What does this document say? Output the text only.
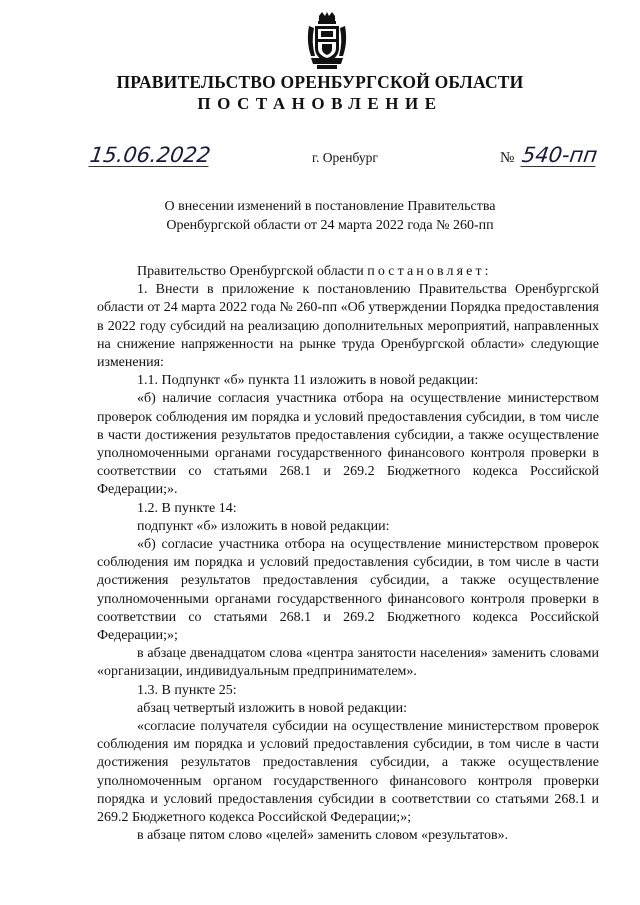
ПРАВИТЕЛЬСТВО ОРЕНБУРГСКОЙ ОБЛАСТИ
ПОСТАНОВЛЕНИЕ
15.06.2022	г. Оренбург	№ 540-пп
О внесении изменений в постановление Правительства Оренбургской области от 24 марта 2022 года № 260-пп

Правительство Оренбургской области постановляет:

1. Внести в приложение к постановлению Правительства Оренбургской области от 24 марта 2022 года № 260-пп «Об утверждении Порядка предоставления в 2022 году субсидий на реализацию дополнительных мероприятий, направленных на снижение напряженности на рынке труда Оренбургской области» следующие изменения:

1.1. Подпункт «б» пункта 11 изложить в новой редакции:

«б) наличие согласия участника отбора на осуществление министерством проверок соблюдения им порядка и условий предоставления субсидии, в том числе в части достижения результатов предоставления субсидии, а также осуществление уполномоченными органами государственного финансового контроля проверки в соответствии со статьями 268.1 и 269.2 Бюджетного кодекса Российской Федерации;».

1.2. В пункте 14:

подпункт «б» изложить в новой редакции:

«б) согласие участника отбора на осуществление министерством проверок соблюдения им порядка и условий предоставления субсидии, в том числе в части достижения результатов предоставления субсидии, а также осуществление уполномоченными органами государственного финансового контроля проверки в соответствии со статьями 268.1 и 269.2 Бюджетного кодекса Российской Федерации;»;

в абзаце двенадцатом слова «центра занятости населения» заменить словами «организации, индивидуальным предпринимателем».

1.3. В пункте 25:

абзац четвертый изложить в новой редакции:

«согласие получателя субсидии на осуществление министерством проверок соблюдения им порядка и условий предоставления субсидии, в том числе в части достижения результатов предоставления субсидии, а также осуществление уполномоченным органом государственного финансового контроля проверки порядка и условий предоставления субсидии в соответствии со статьями 268.1 и 269.2 Бюджетного кодекса Российской Федерации;»;

в абзаце пятом слово «целей» заменить словом «результатов».
